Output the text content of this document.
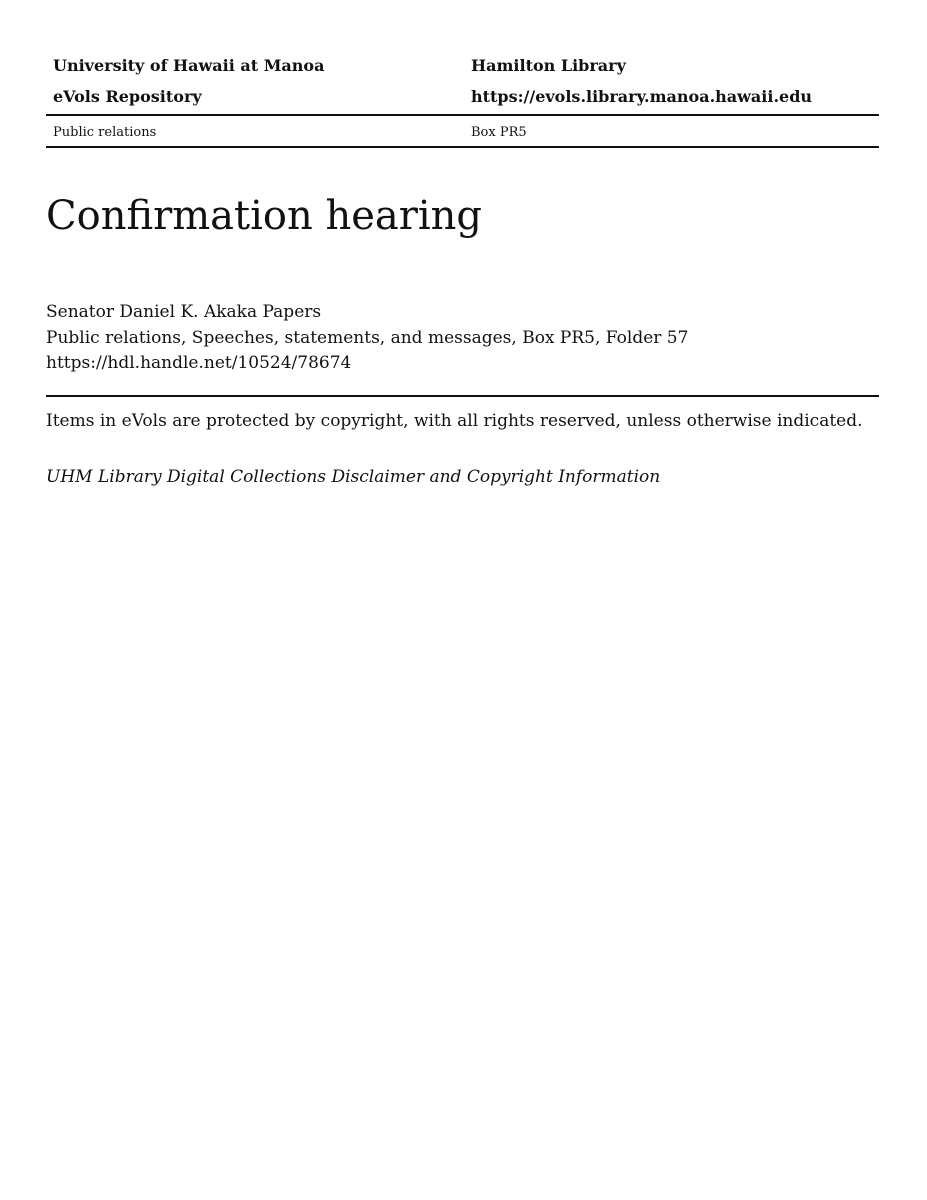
University of Hawaii at Manoa	Hamilton Library
eVols Repository	https://evols.library.manoa.hawaii.edu
Public relations	Box PR5
Confirmation hearing
Senator Daniel K. Akaka Papers
Public relations, Speeches, statements, and messages, Box PR5, Folder 57
https://hdl.handle.net/10524/78674
Items in eVols are protected by copyright, with all rights reserved, unless otherwise indicated.
UHM Library Digital Collections Disclaimer and Copyright Information
